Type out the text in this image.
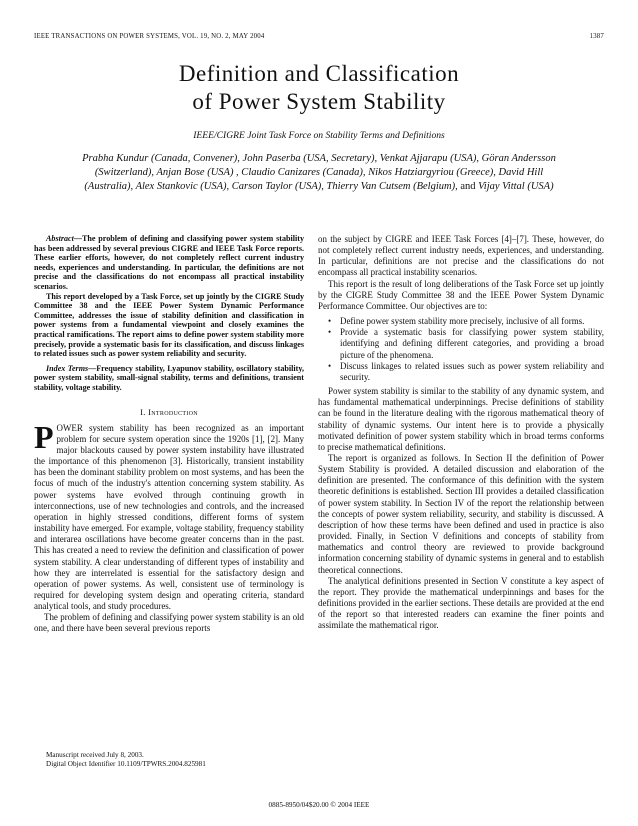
IEEE TRANSACTIONS ON POWER SYSTEMS, VOL. 19, NO. 2, MAY 2004	1387
Definition and Classification
of Power System Stability
IEEE/CIGRE Joint Task Force on Stability Terms and Definitions
Prabha Kundur (Canada, Convener), John Paserba (USA, Secretary), Venkat Ajjarapu (USA), Göran Andersson
(Switzerland), Anjan Bose (USA) , Claudio Canizares (Canada), Nikos Hatziargyriou (Greece), David Hill
(Australia), Alex Stankovic (USA), Carson Taylor (USA), Thierry Van Cutsem (Belgium), and Vijay Vittal (USA)

Abstract—The problem of defining and classifying power system stability has been addressed by several previous CIGRE and IEEE Task Force reports. These earlier efforts, however, do not completely reflect current industry needs, experiences and understanding. In particular, the definitions are not precise and the classifications do not encompass all practical instability scenarios.

This report developed by a Task Force, set up jointly by the CIGRE Study Committee 38 and the IEEE Power System Dynamic Performance Committee, addresses the issue of stability definition and classification in power systems from a fundamental viewpoint and closely examines the practical ramifications. The report aims to define power system stability more precisely, provide a systematic basis for its classification, and discuss linkages to related issues such as power system reliability and security.

Index Terms—Frequency stability, Lyapunov stability, oscillatory stability, power system stability, small-signal stability, terms and definitions, transient stability, voltage stability.
I. Introduction

POWER system stability has been recognized as an important problem for secure system operation since the 1920s [1], [2]. Many major blackouts caused by power system instability have illustrated the importance of this phenomenon [3]. Historically, transient instability has been the dominant stability problem on most systems, and has been the focus of much of the industry's attention concerning system stability. As power systems have evolved through continuing growth in interconnections, use of new technologies and controls, and the increased operation in highly stressed conditions, different forms of system instability have emerged. For example, voltage stability, frequency stability and interarea oscillations have become greater concerns than in the past. This has created a need to review the definition and classification of power system stability. A clear understanding of different types of instability and how they are interrelated is essential for the satisfactory design and operation of power systems. As well, consistent use of terminology is required for developing system design and operating criteria, standard analytical tools, and study procedures.

The problem of defining and classifying power system stability is an old one, and there have been several previous reports

on the subject by CIGRE and IEEE Task Forces [4]–[7]. These, however, do not completely reflect current industry needs, experiences, and understanding. In particular, definitions are not precise and the classifications do not encompass all practical instability scenarios.

This report is the result of long deliberations of the Task Force set up jointly by the CIGRE Study Committee 38 and the IEEE Power System Dynamic Performance Committee. Our objectives are to:

• Define power system stability more precisely, inclusive of all forms.
• Provide a systematic basis for classifying power system stability, identifying and defining different categories, and providing a broad picture of the phenomena.
• Discuss linkages to related issues such as power system reliability and security.

Power system stability is similar to the stability of any dynamic system, and has fundamental mathematical underpinnings. Precise definitions of stability can be found in the literature dealing with the rigorous mathematical theory of stability of dynamic systems. Our intent here is to provide a physically motivated definition of power system stability which in broad terms conforms to precise mathematical definitions.

The report is organized as follows. In Section II the definition of Power System Stability is provided. A detailed discussion and elaboration of the definition are presented. The conformance of this definition with the system theoretic definitions is established. Section III provides a detailed classification of power system stability. In Section IV of the report the relationship between the concepts of power system reliability, security, and stability is discussed. A description of how these terms have been defined and used in practice is also provided. Finally, in Section V definitions and concepts of stability from mathematics and control theory are reviewed to provide background information concerning stability of dynamic systems in general and to establish theoretical connections.

The analytical definitions presented in Section V constitute a key aspect of the report. They provide the mathematical underpinnings and bases for the definitions provided in the earlier sections. These details are provided at the end of the report so that interested readers can examine the finer points and assimilate the mathematical rigor.

Manuscript received July 8, 2003.
Digital Object Identifier 10.1109/TPWRS.2004.825981
0885-8950/04$20.00 © 2004 IEEE
